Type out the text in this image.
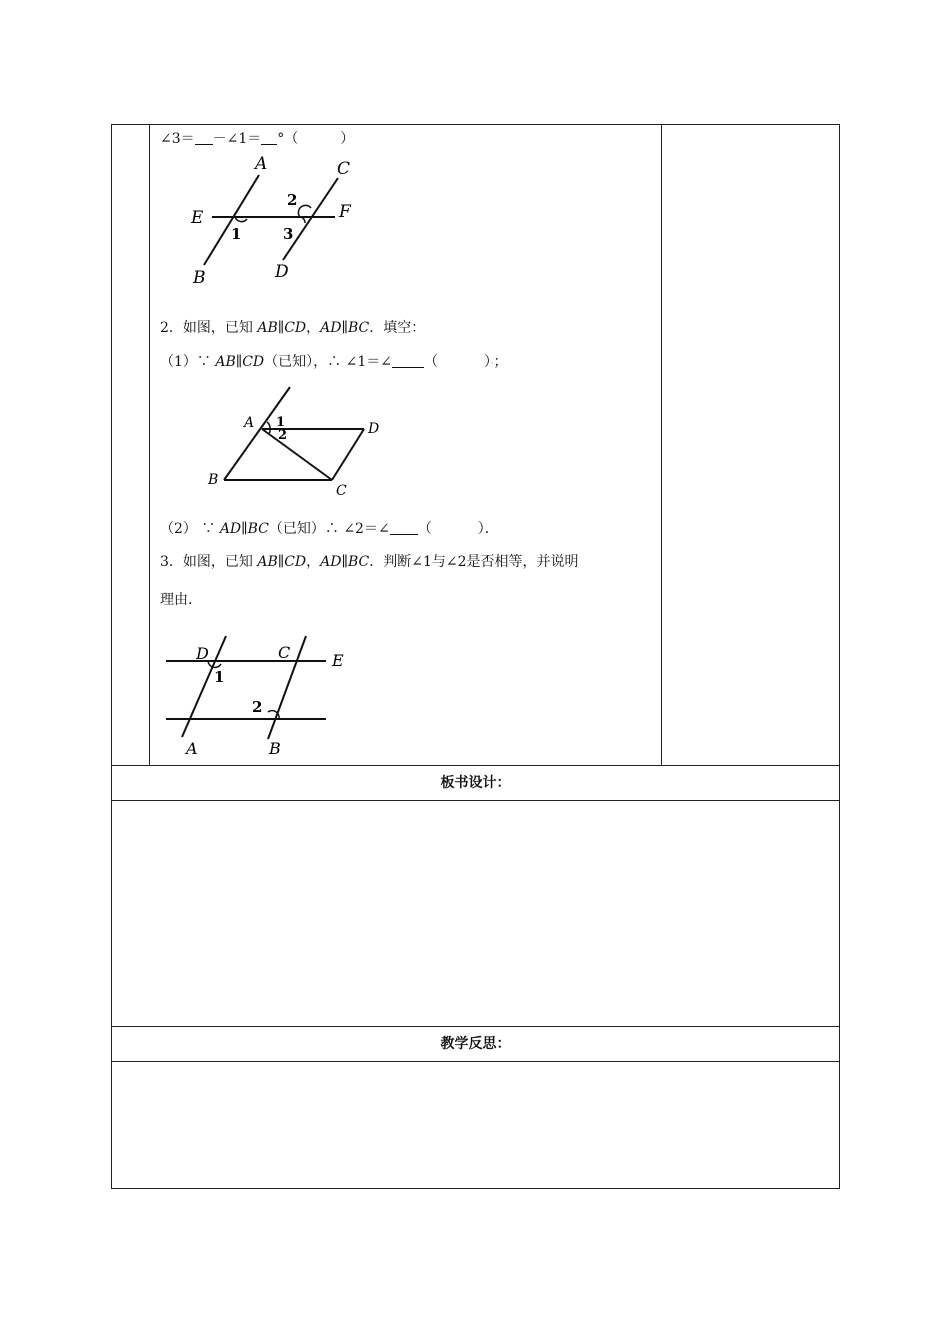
∠3＝ －∠1＝ °（	）
A
B
C
D
E	F
1
2
3
2．如图，已知 AB∥CD，AD∥BC．填空：
（1）∵ AB∥CD（已知），∴ ∠1＝∠ （	）·；
A
B
C
D
1
2
（2） ∵ AD∥BC（已知）∴ ∠2＝∠ （	）．
3．如图，已知 AB∥CD，AD∥BC．判断∠1与∠2是否相等，并说明
理由．
D	C	E
A	B
1
2

板书设计：

教学反思：
